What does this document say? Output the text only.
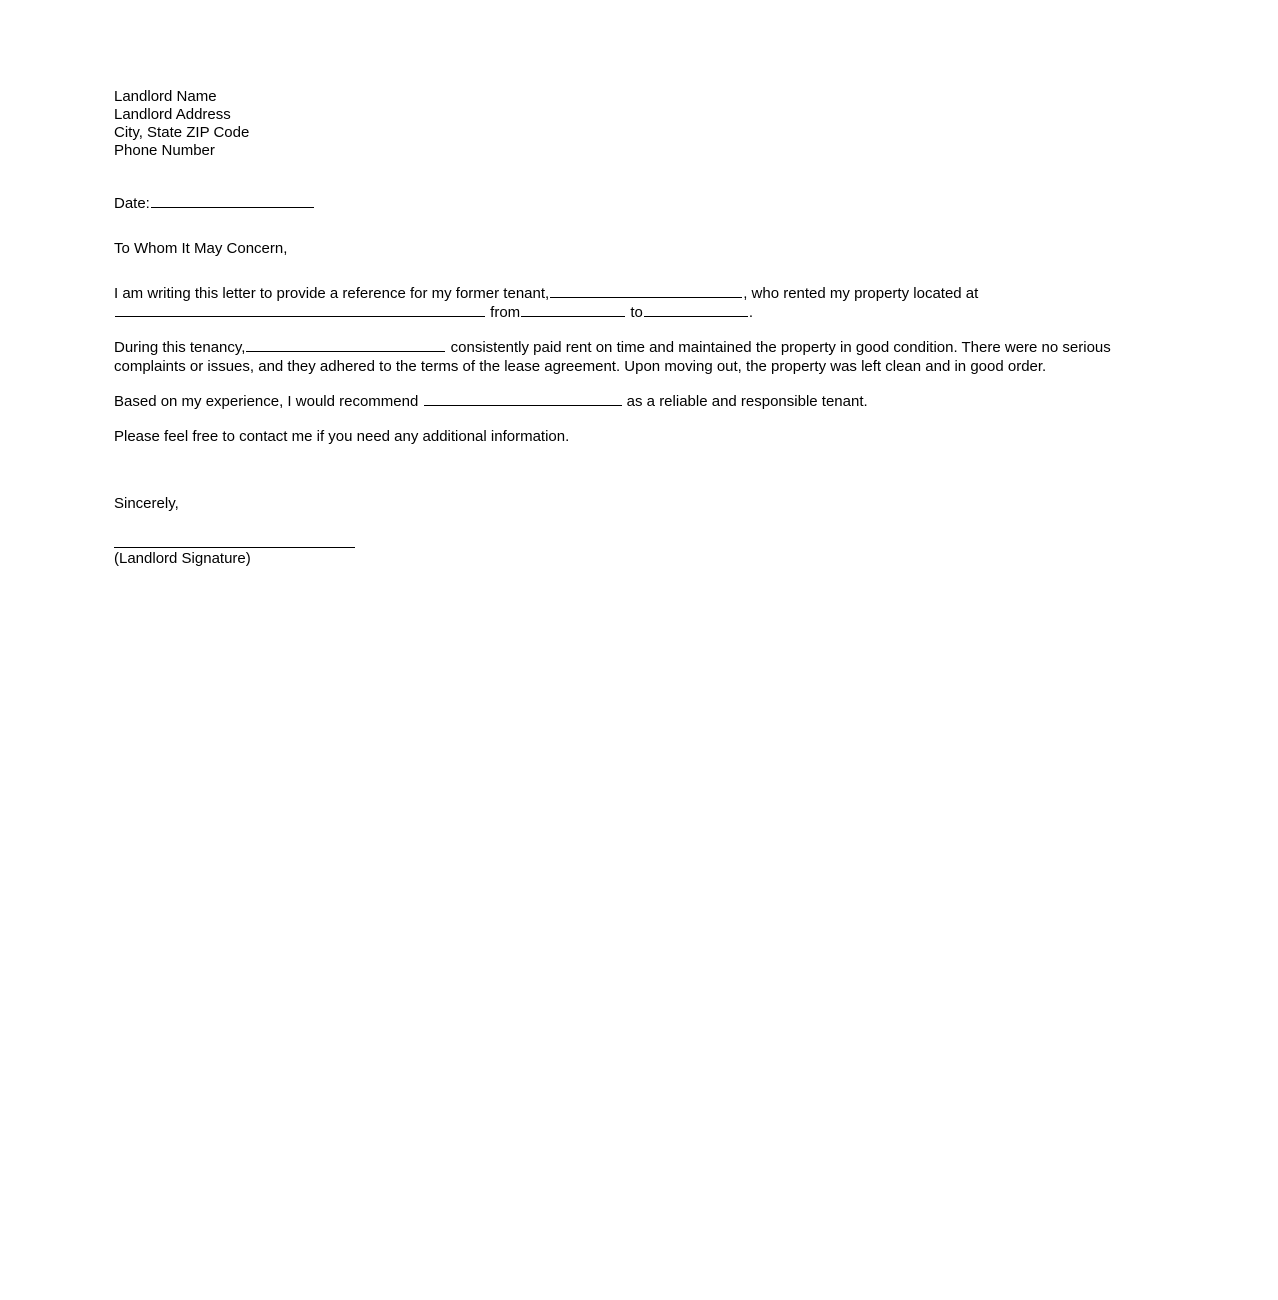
Landlord Name
Landlord Address
City, State ZIP Code
Phone Number

Date:

To Whom It May Concern,

I am writing this letter to provide a reference for my former tenant,	, who rented my property located at  from	to	.

During this tenancy,	consistently paid rent on time and maintained the property in good condition. There were no serious complaints or issues, and they adhered to the terms of the lease agreement. Upon moving out, the property was left clean and in good order.

Based on my experience, I would recommend	as a reliable and responsible tenant.

Please feel free to contact me if you need any additional information.

Sincerely,

(Landlord Signature)
